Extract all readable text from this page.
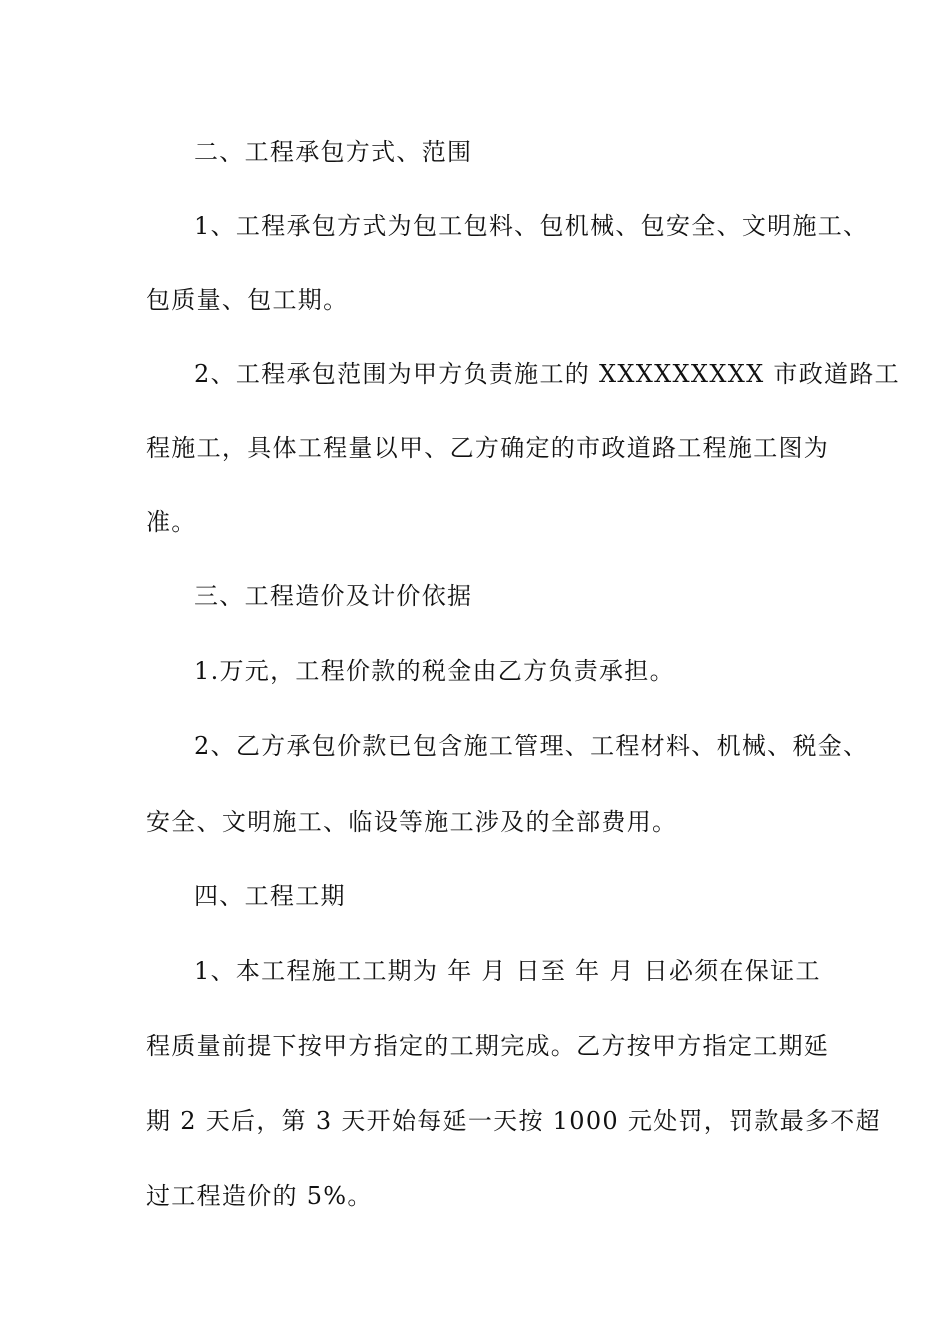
二、工程承包方式、范围
1、工程承包方式为包工包料、包机械、包安全、文明施工、
包质量、包工期。
2、工程承包范围为甲方负责施工的 XXXXXXXXX 市政道路工
程施工，具体工程量以甲、乙方确定的市政道路工程施工图为
准。
三、工程造价及计价依据
1.万元，工程价款的税金由乙方负责承担。
2、乙方承包价款已包含施工管理、工程材料、机械、税金、
安全、文明施工、临设等施工涉及的全部费用。
四、工程工期
1、本工程施工工期为 年 月 日至 年 月 日必须在保证工
程质量前提下按甲方指定的工期完成。乙方按甲方指定工期延
期 2 天后，第 3 天开始每延一天按 1000 元处罚，罚款最多不超
过工程造价的 5%。
